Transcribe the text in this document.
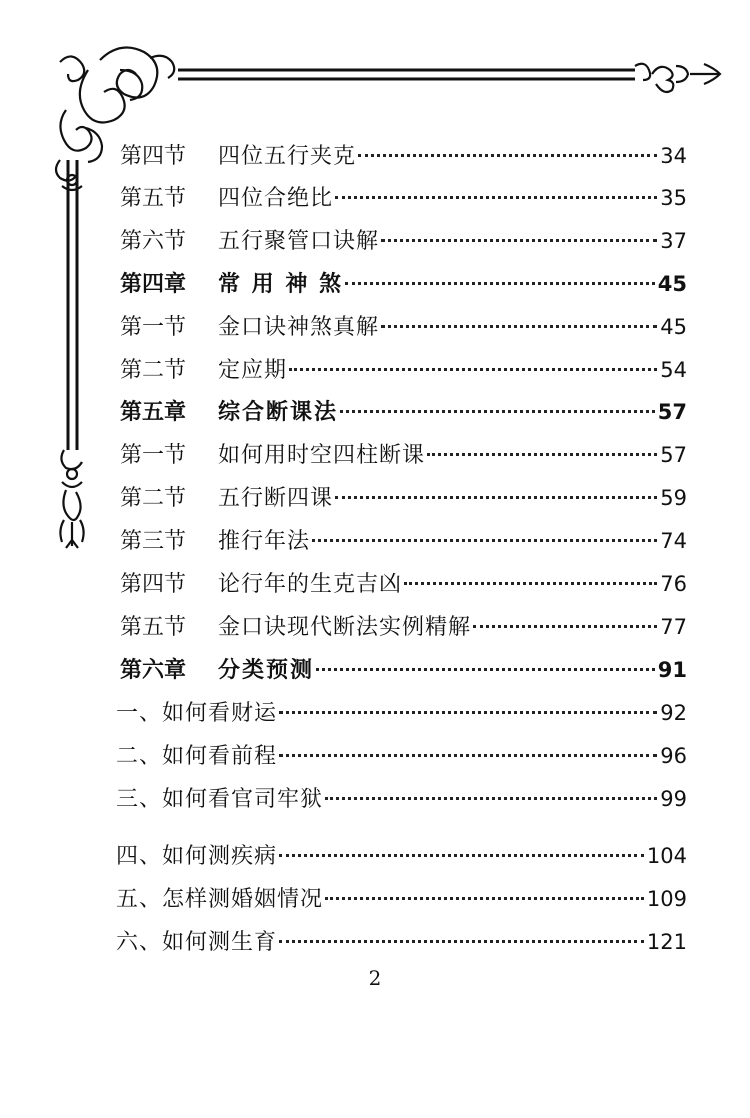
第四节	四位五行夹克	34
第五节	四位合绝比	35
第六节	五行聚管口诀解	37
第四章	常 用 神 煞	45
第一节	金口诀神煞真解	45
第二节	定应期	54
第五章	综合断课法	57
第一节	如何用时空四柱断课	57
第二节	五行断四课	59
第三节	推行年法	74
第四节	论行年的生克吉凶	76
第五节	金口诀现代断法实例精解	77
第六章	分类预测	91
一、如何看财运	92
二、如何看前程	96
三、如何看官司牢狱	99
四、如何测疾病	104
五、怎样测婚姻情况	109
六、如何测生育	121
2
